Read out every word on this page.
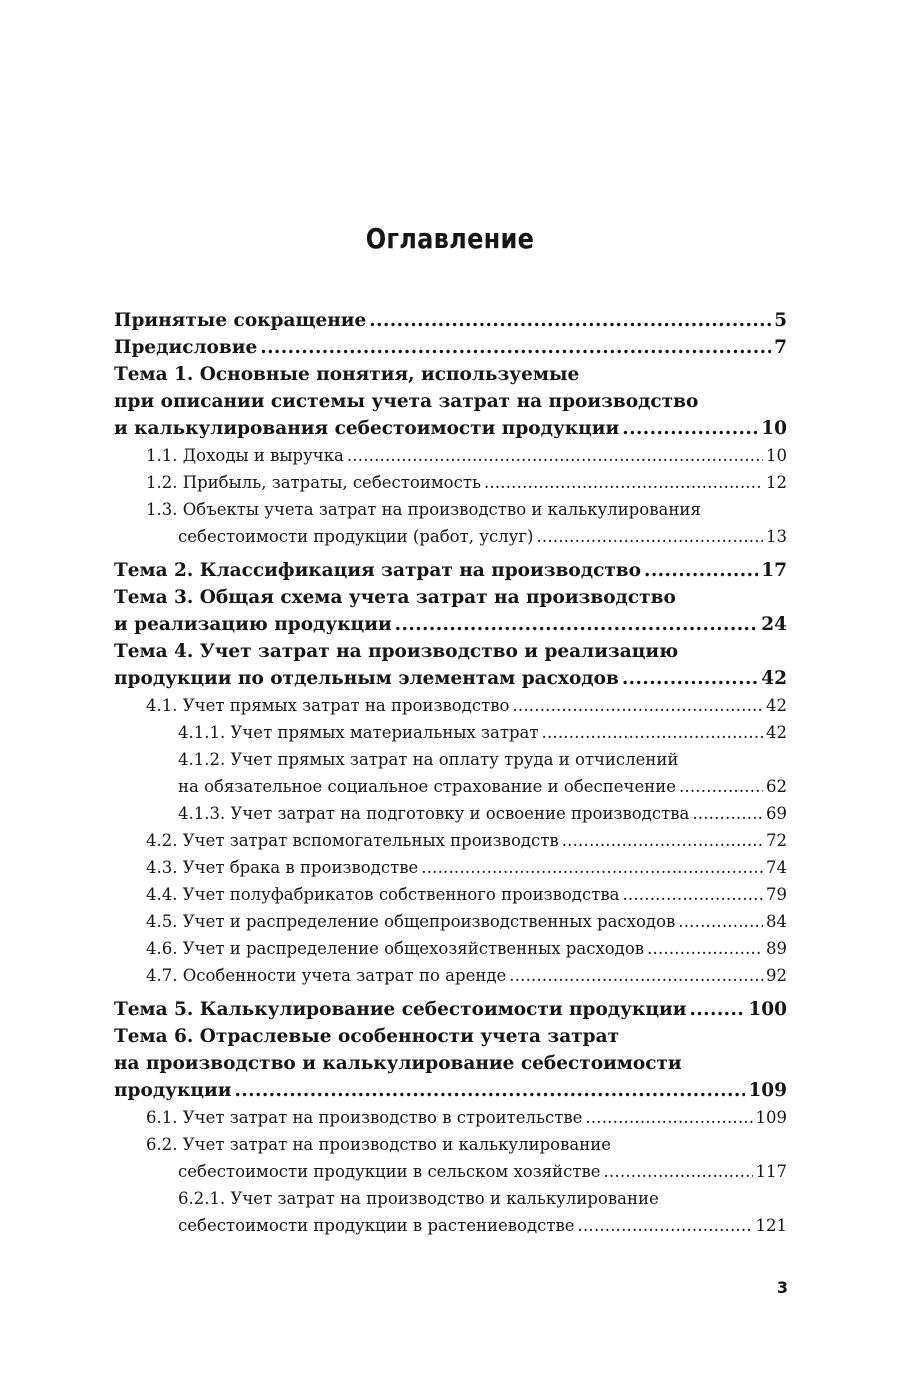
Оглавление
Принятые сокращение .....	5
Предисловие .....	7
Тема 1. Основные понятия, используемые
при описании системы учета затрат на производство
и калькулирования себестоимости продукции .....	10
1.1. Доходы и выручка .....	10
1.2. Прибыль, затраты, себестоимость .....	12
1.3. Объекты учета затрат на производство и калькулирования
себестоимости продукции (работ, услуг) .....	13
Тема 2. Классификация затрат на производство .....	17
Тема 3. Общая схема учета затрат на производство
и реализацию продукции .....	24
Тема 4. Учет затрат на производство и реализацию
продукции по отдельным элементам расходов .....	42
4.1. Учет прямых затрат на производство .....	42
4.1.1. Учет прямых материальных затрат .....	42
4.1.2. Учет прямых затрат на оплату труда и отчислений
на обязательное социальное страхование и обеспечение .....	62
4.1.3. Учет затрат на подготовку и освоение производства .....	69
4.2. Учет затрат вспомогательных производств .....	72
4.3. Учет брака в производстве .....	74
4.4. Учет полуфабрикатов собственного производства .....	79
4.5. Учет и распределение общепроизводственных расходов .....	84
4.6. Учет и распределение общехозяйственных расходов .....	89
4.7. Особенности учета затрат по аренде .....	92
Тема 5. Калькулирование себестоимости продукции .....	100
Тема 6. Отраслевые особенности учета затрат
на производство и калькулирование себестоимости
продукции .....	109
6.1. Учет затрат на производство в строительстве .....	109
6.2. Учет затрат на производство и калькулирование
себестоимости продукции в сельском хозяйстве .....	117
6.2.1. Учет затрат на производство и калькулирование
себестоимости продукции в растениеводстве .....	121
3
